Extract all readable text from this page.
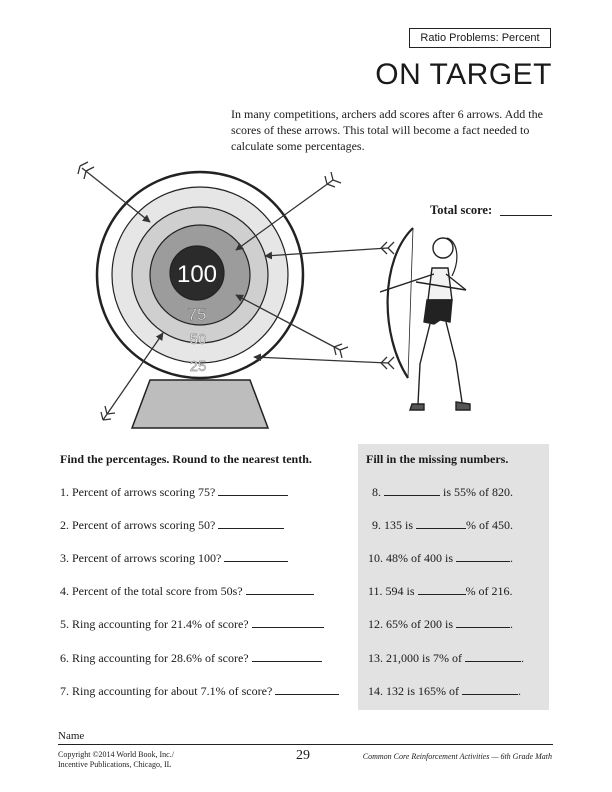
Ratio Problems: Percent
ON TARGET
In many competitions, archers add scores after 6 arrows. Add the scores of these arrows. This total will become a fact needed to calculate some percentages.
100
75
50
25
Total score:
Find the percentages. Round to the nearest tenth.
1. Percent of arrows scoring 75?
2. Percent of arrows scoring 50?
3. Percent of arrows scoring 100?
4. Percent of the total score from 50s?
5. Ring accounting for 21.4% of score?
6. Ring accounting for 28.6% of score?
7. Ring accounting for about 7.1% of score?
Fill in the missing numbers.
8.	is 55% of 820.
9. 135 is	% of 450.
10. 48% of 400 is	.
11. 594 is	% of 216.
12. 65% of 200 is	.
13. 21,000 is 7% of	.
14. 132 is 165% of	.
Name
Copyright ©2014 World Book, Inc./
Incentive Publications, Chicago, IL
29	Common Core Reinforcement Activities — 6th Grade Math
